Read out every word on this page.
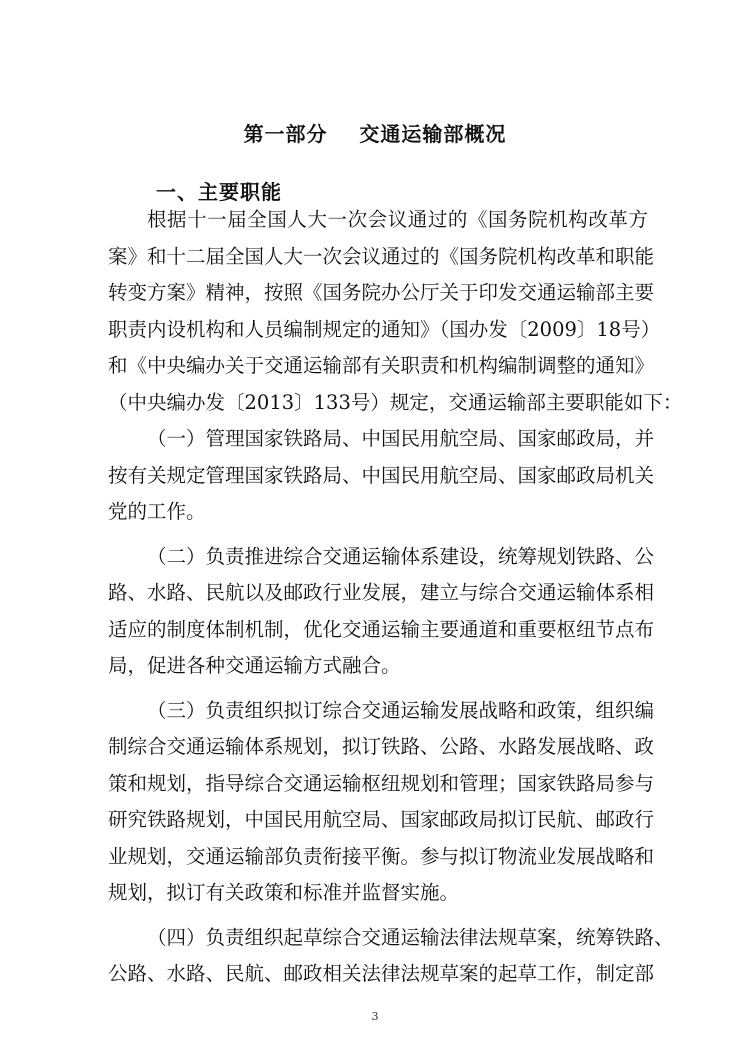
第一部分    交通运输部概况
一、主要职能
根据十一届全国人大一次会议通过的《国务院机构改革方
案》和十二届全国人大一次会议通过的《国务院机构改革和职能
转变方案》精神，按照《国务院办公厅关于印发交通运输部主要
职责内设机构和人员编制规定的通知》（国办发〔2009〕18号）
和《中央编办关于交通运输部有关职责和机构编制调整的通知》
（中央编办发〔2013〕133号）规定，交通运输部主要职能如下：
（一）管理国家铁路局、中国民用航空局、国家邮政局，并
按有关规定管理国家铁路局、中国民用航空局、国家邮政局机关
党的工作。
（二）负责推进综合交通运输体系建设，统筹规划铁路、公
路、水路、民航以及邮政行业发展，建立与综合交通运输体系相
适应的制度体制机制，优化交通运输主要通道和重要枢纽节点布
局，促进各种交通运输方式融合。
（三）负责组织拟订综合交通运输发展战略和政策，组织编
制综合交通运输体系规划，拟订铁路、公路、水路发展战略、政
策和规划，指导综合交通运输枢纽规划和管理；国家铁路局参与
研究铁路规划，中国民用航空局、国家邮政局拟订民航、邮政行
业规划，交通运输部负责衔接平衡。参与拟订物流业发展战略和
规划，拟订有关政策和标准并监督实施。
（四）负责组织起草综合交通运输法律法规草案，统筹铁路、
公路、水路、民航、邮政相关法律法规草案的起草工作，制定部
3
